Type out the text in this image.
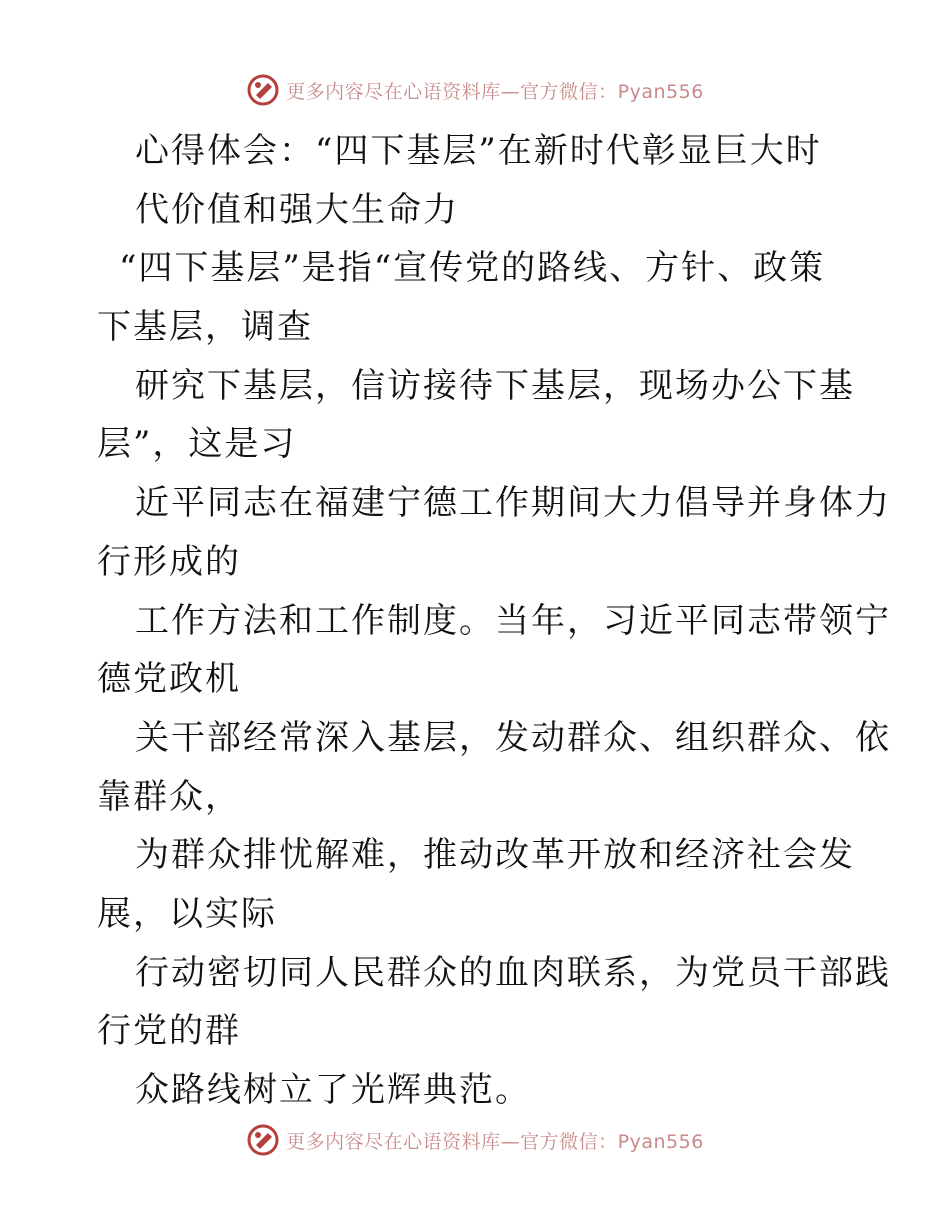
更多内容尽在心语资料库—官方微信：Pyan556
心得体会：“四下基层”在新时代彰显巨大时
代价值和强大生命力
“四下基层”是指“宣传党的路线、方针、政策
下基层，调查
研究下基层，信访接待下基层，现场办公下基
层”，这是习
近平同志在福建宁德工作期间大力倡导并身体力
行形成的
工作方法和工作制度。当年，习近平同志带领宁
德党政机
关干部经常深入基层，发动群众、组织群众、依
靠群众，
为群众排忧解难，推动改革开放和经济社会发
展，以实际
行动密切同人民群众的血肉联系，为党员干部践
行党的群
众路线树立了光辉典范。
更多内容尽在心语资料库—官方微信：Pyan556
